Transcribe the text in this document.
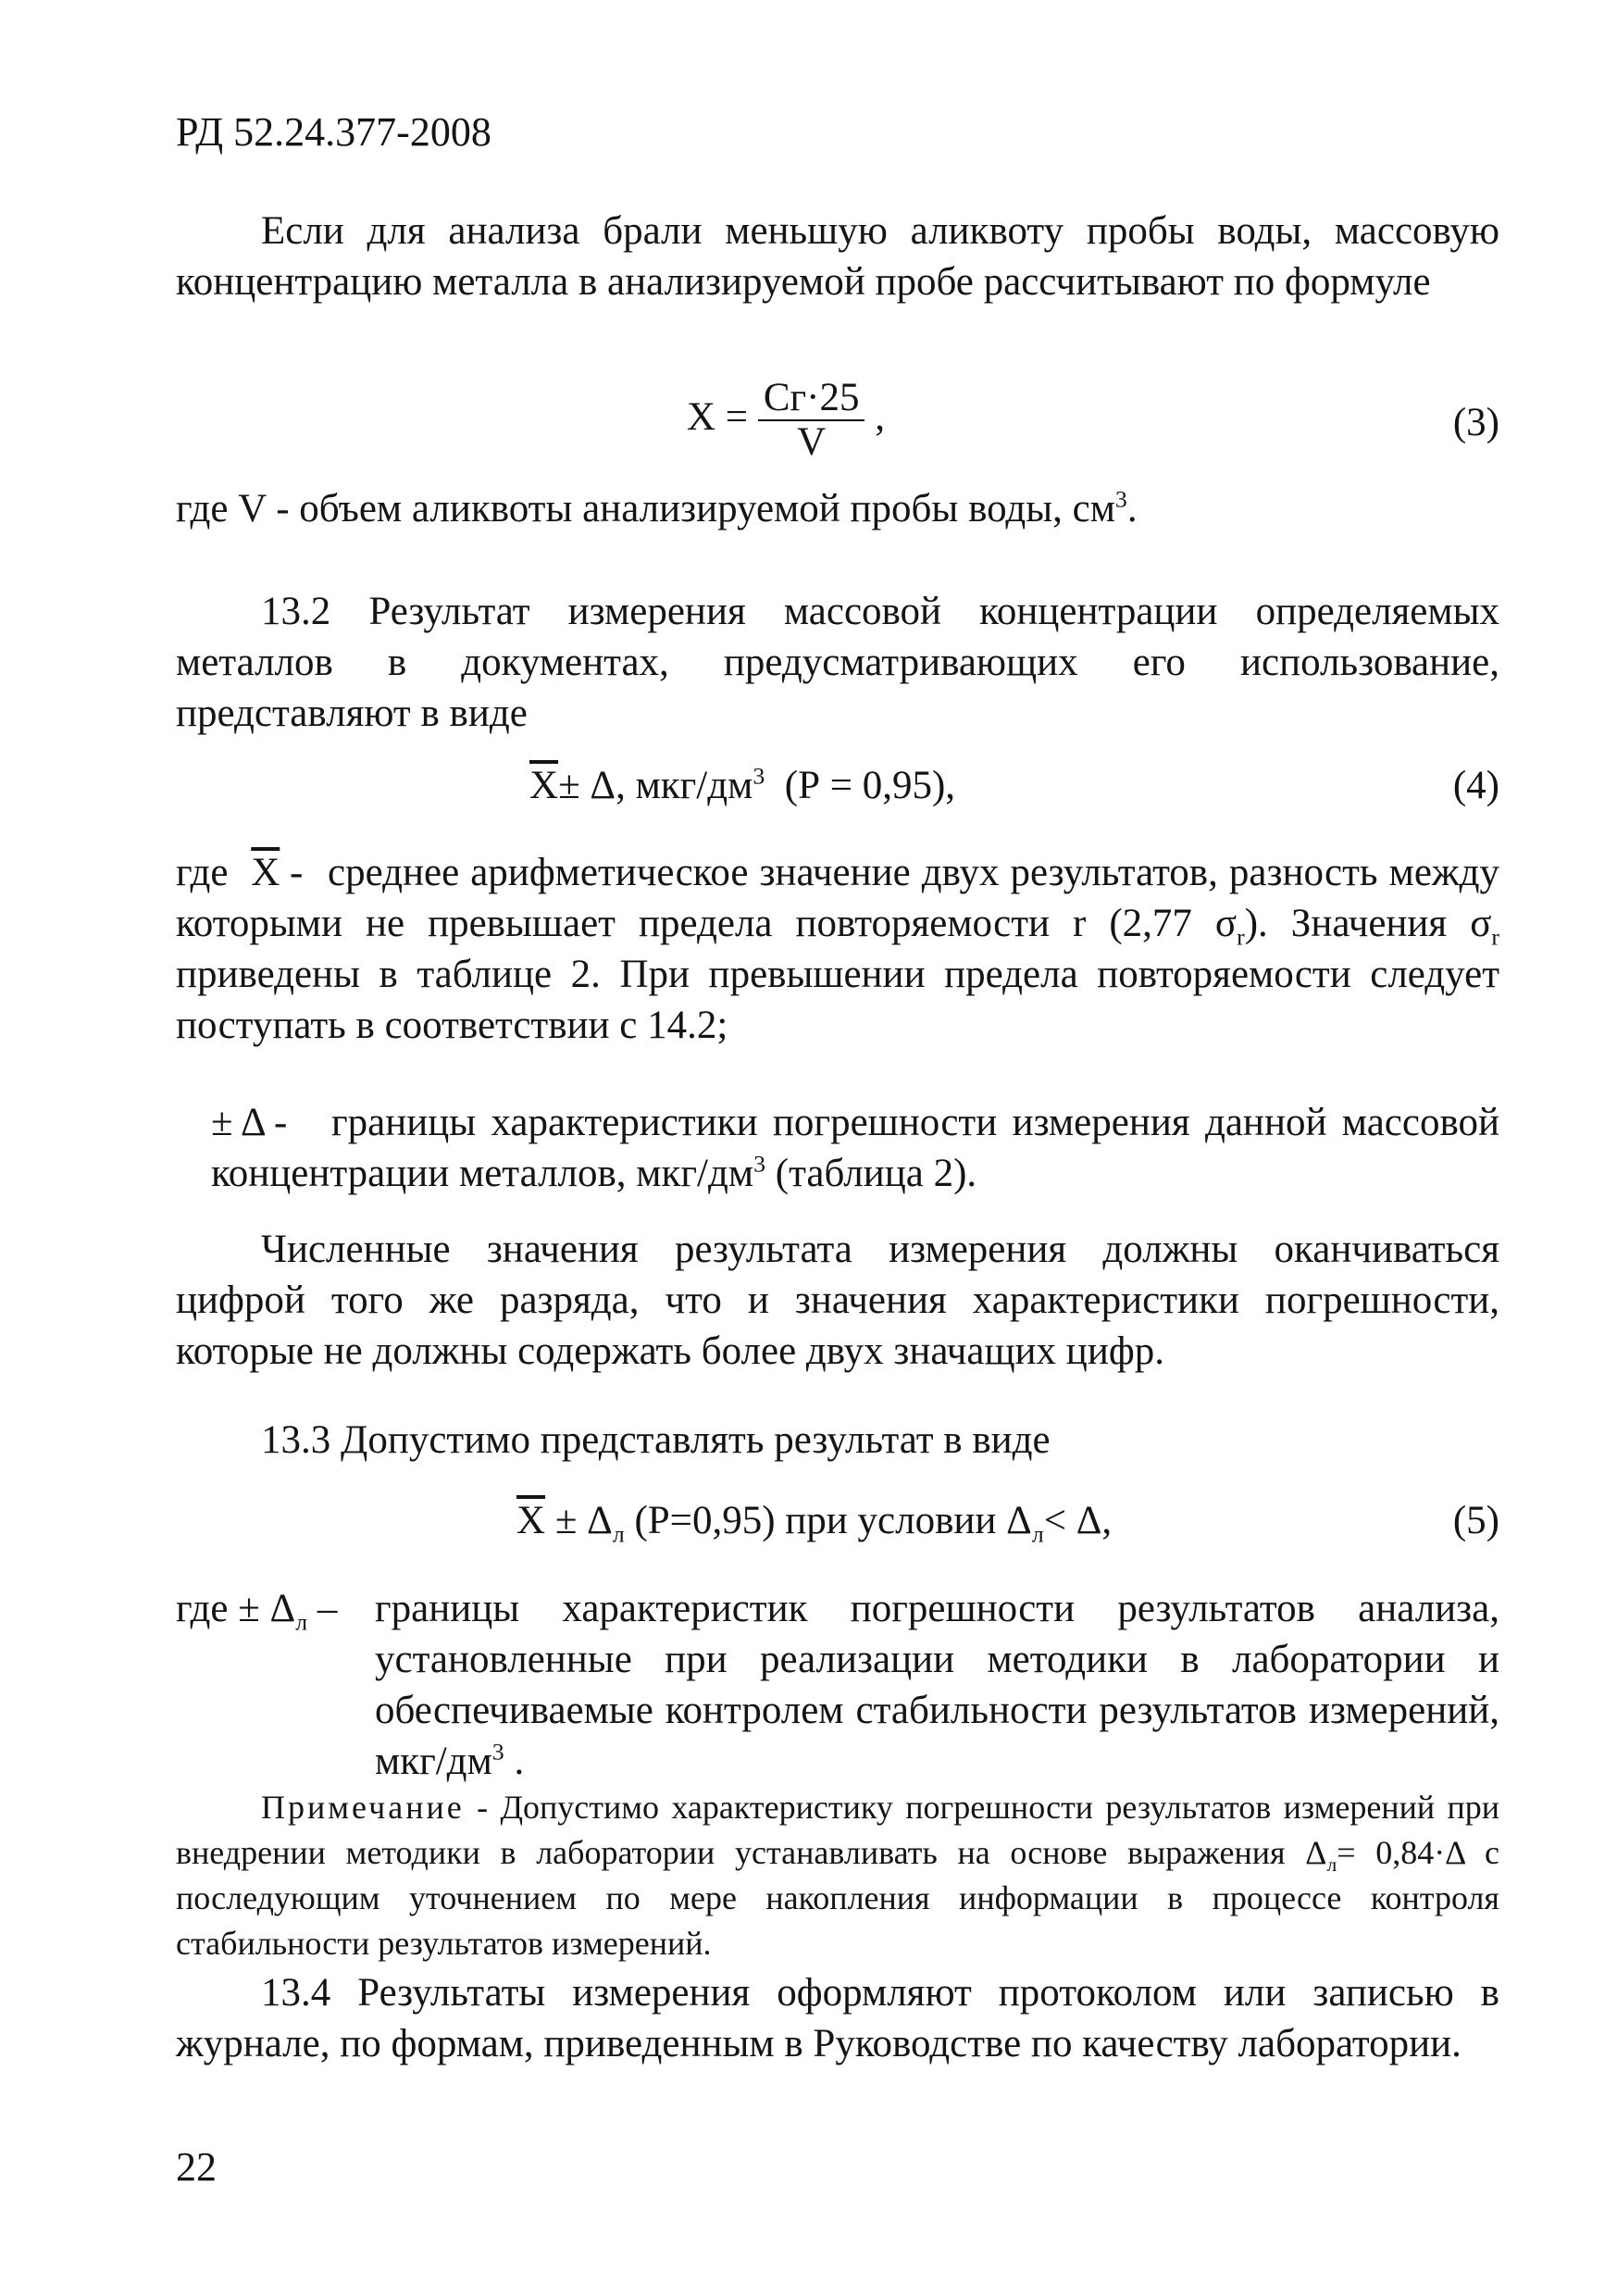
РД 52.24.377-2008

Если для анализа брали меньшую аликвоту пробы воды, массовую концентрацию металла в анализируемой пробе рассчитывают по формуле

$X = \frac{Сг\cdot 25}{V}$ ,	(3)
где V - объем аликвоты анализируемой пробы воды, $см^3$.

13.2 Результат измерения массовой концентрации определяемых металлов в документах, предусматривающих его использование, представляют в виде

$\overline{X}\pm \Delta$, мкг/$дм^3$ (Р = 0,95),	(4)
где $\overline{X}$ - среднее арифметическое значение двух результатов, разность между которыми не превышает предела повторяемости r (2,77 $\sigma_r$). Значения $\sigma_r$ приведены в таблице 2. При превышении предела повторяемости следует поступать в соответствии с 14.2;
± Δ -	границы характеристики погрешности измерения данной массовой концентрации металлов, мкг/$дм^3$ (таблица 2).

Численные значения результата измерения должны оканчиваться цифрой того же разряда, что и значения характеристики погрешности, которые не должны содержать более двух значащих цифр.

13.3 Допустимо представлять результат в виде

$\overline{X} \pm \Delta_л$ (Р=0,95) при условии $\Delta_л< \Delta$,	(5)
где ± $\Delta_л$ – границы характеристик погрешности результатов анализа, установленные при реализации методики в лаборатории и обеспечиваемые контролем стабильности результатов измерений, мкг/$дм^3$ .

Примечание - Допустимо характеристику погрешности результатов измерений при внедрении методики в лаборатории устанавливать на основе выражения $\Delta_л= 0,84\cdot\Delta$ с последующим уточнением по мере накопления информации в процессе контроля стабильности результатов измерений.

13.4 Результаты измерения оформляют протоколом или записью в журнале, по формам, приведенным в Руководстве по качеству лаборатории.

22
